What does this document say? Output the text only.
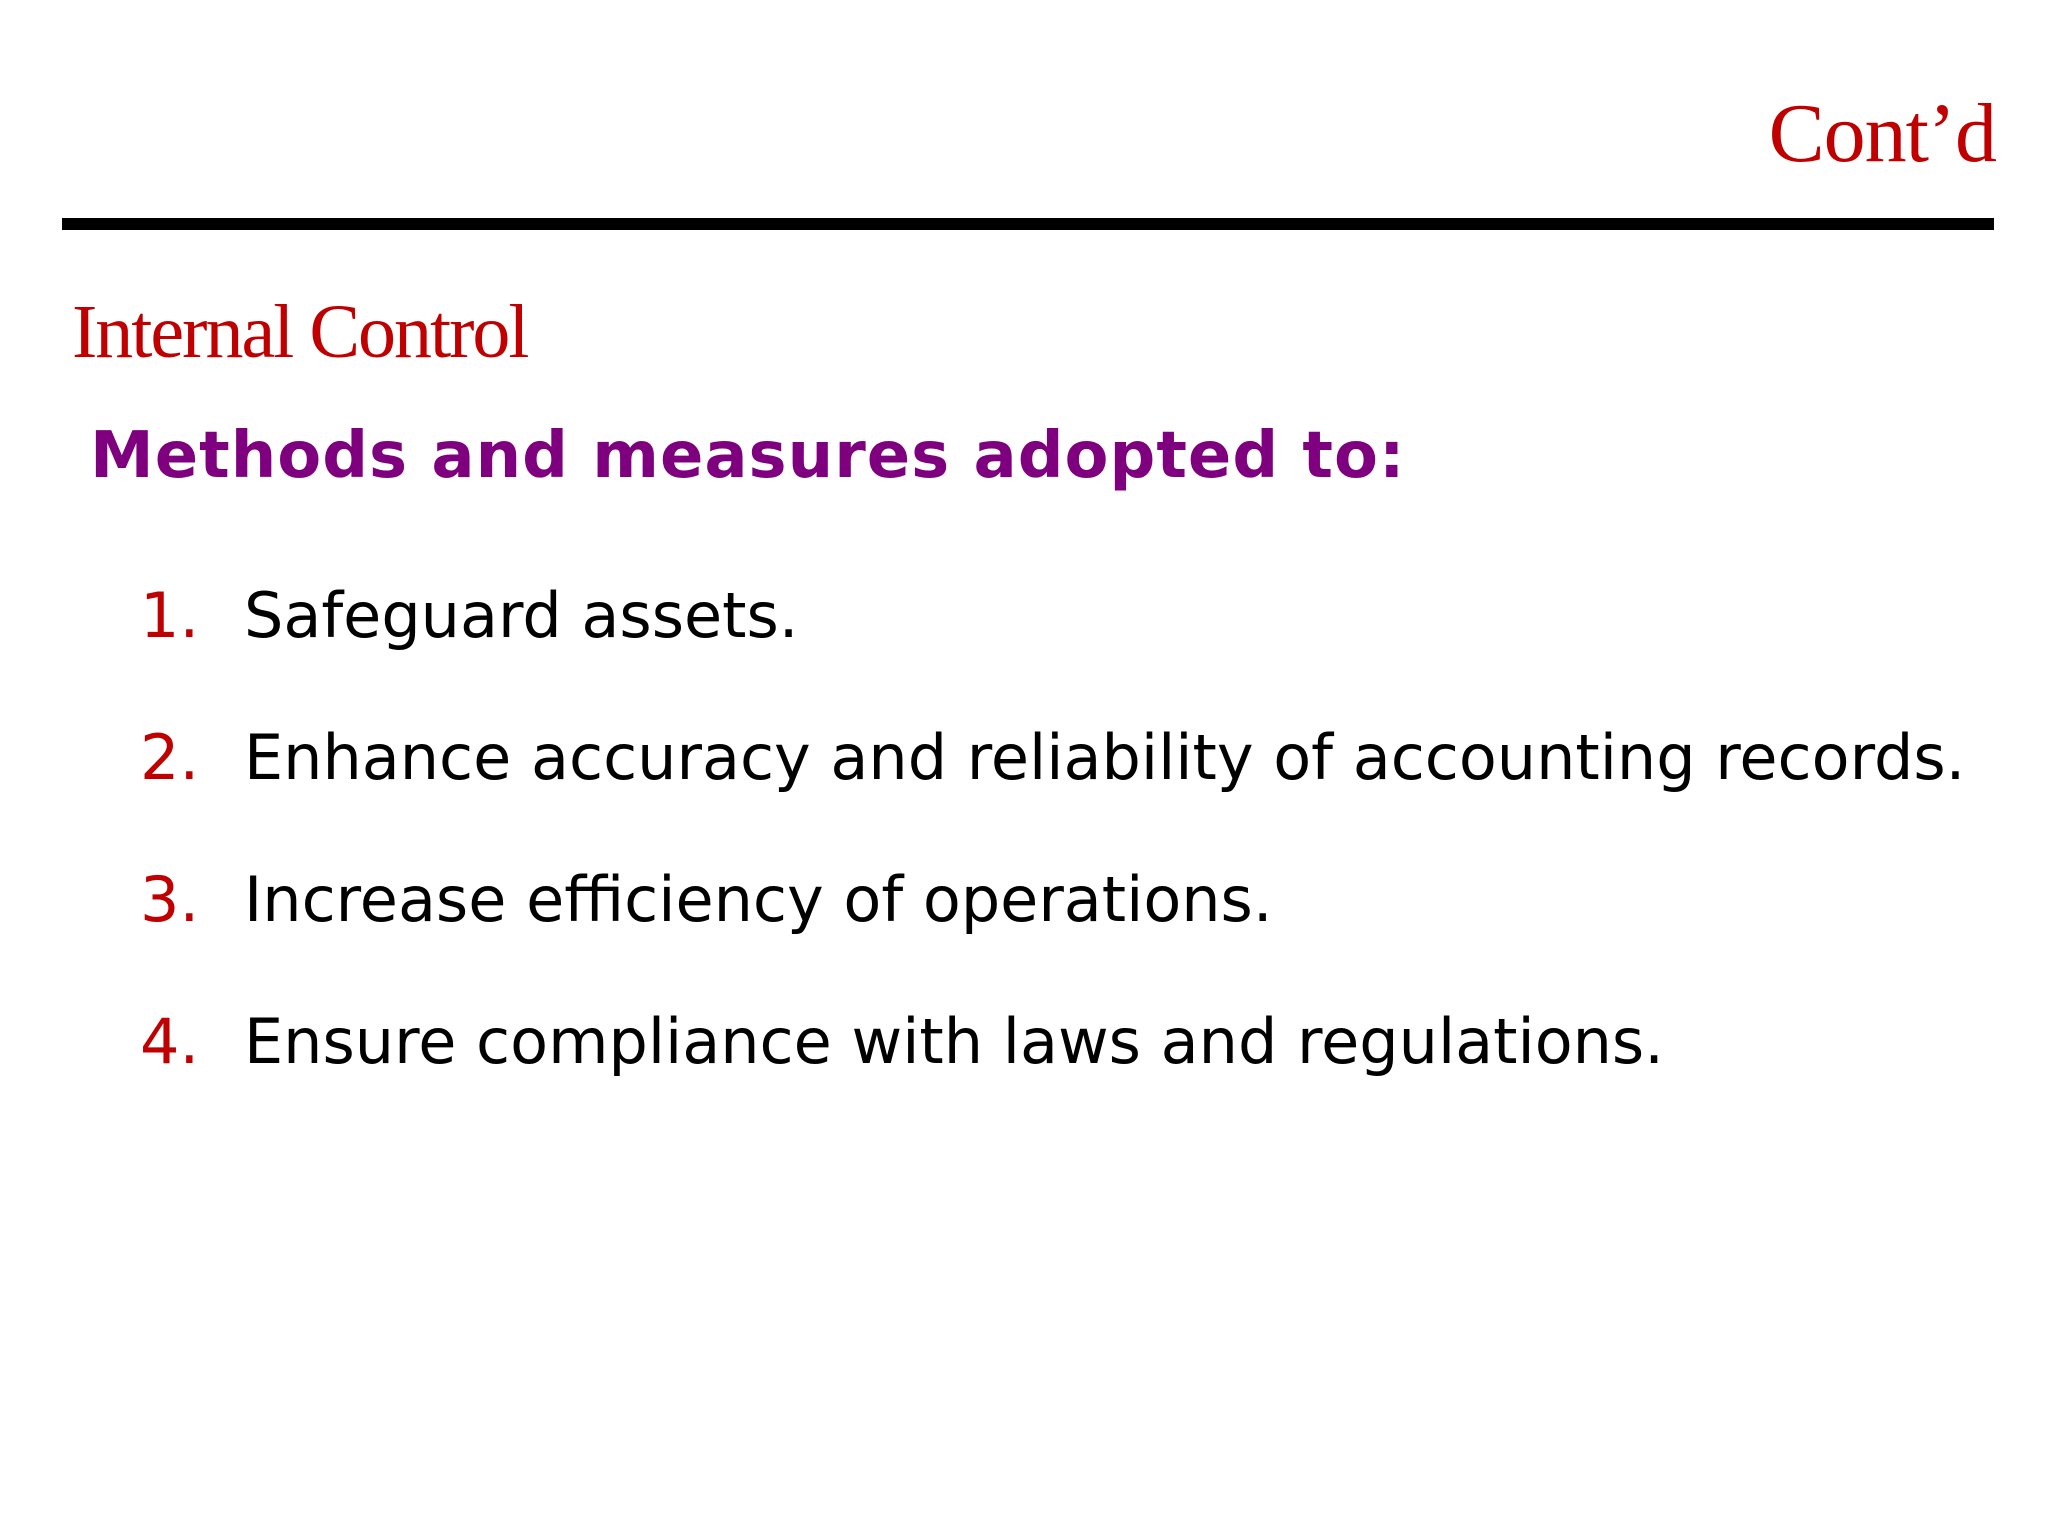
Cont’d
Internal Control
Methods and measures adopted to:
1. Safeguard assets.
2. Enhance accuracy and reliability of accounting records.
3. Increase efficiency of operations.
4. Ensure compliance with laws and regulations.
